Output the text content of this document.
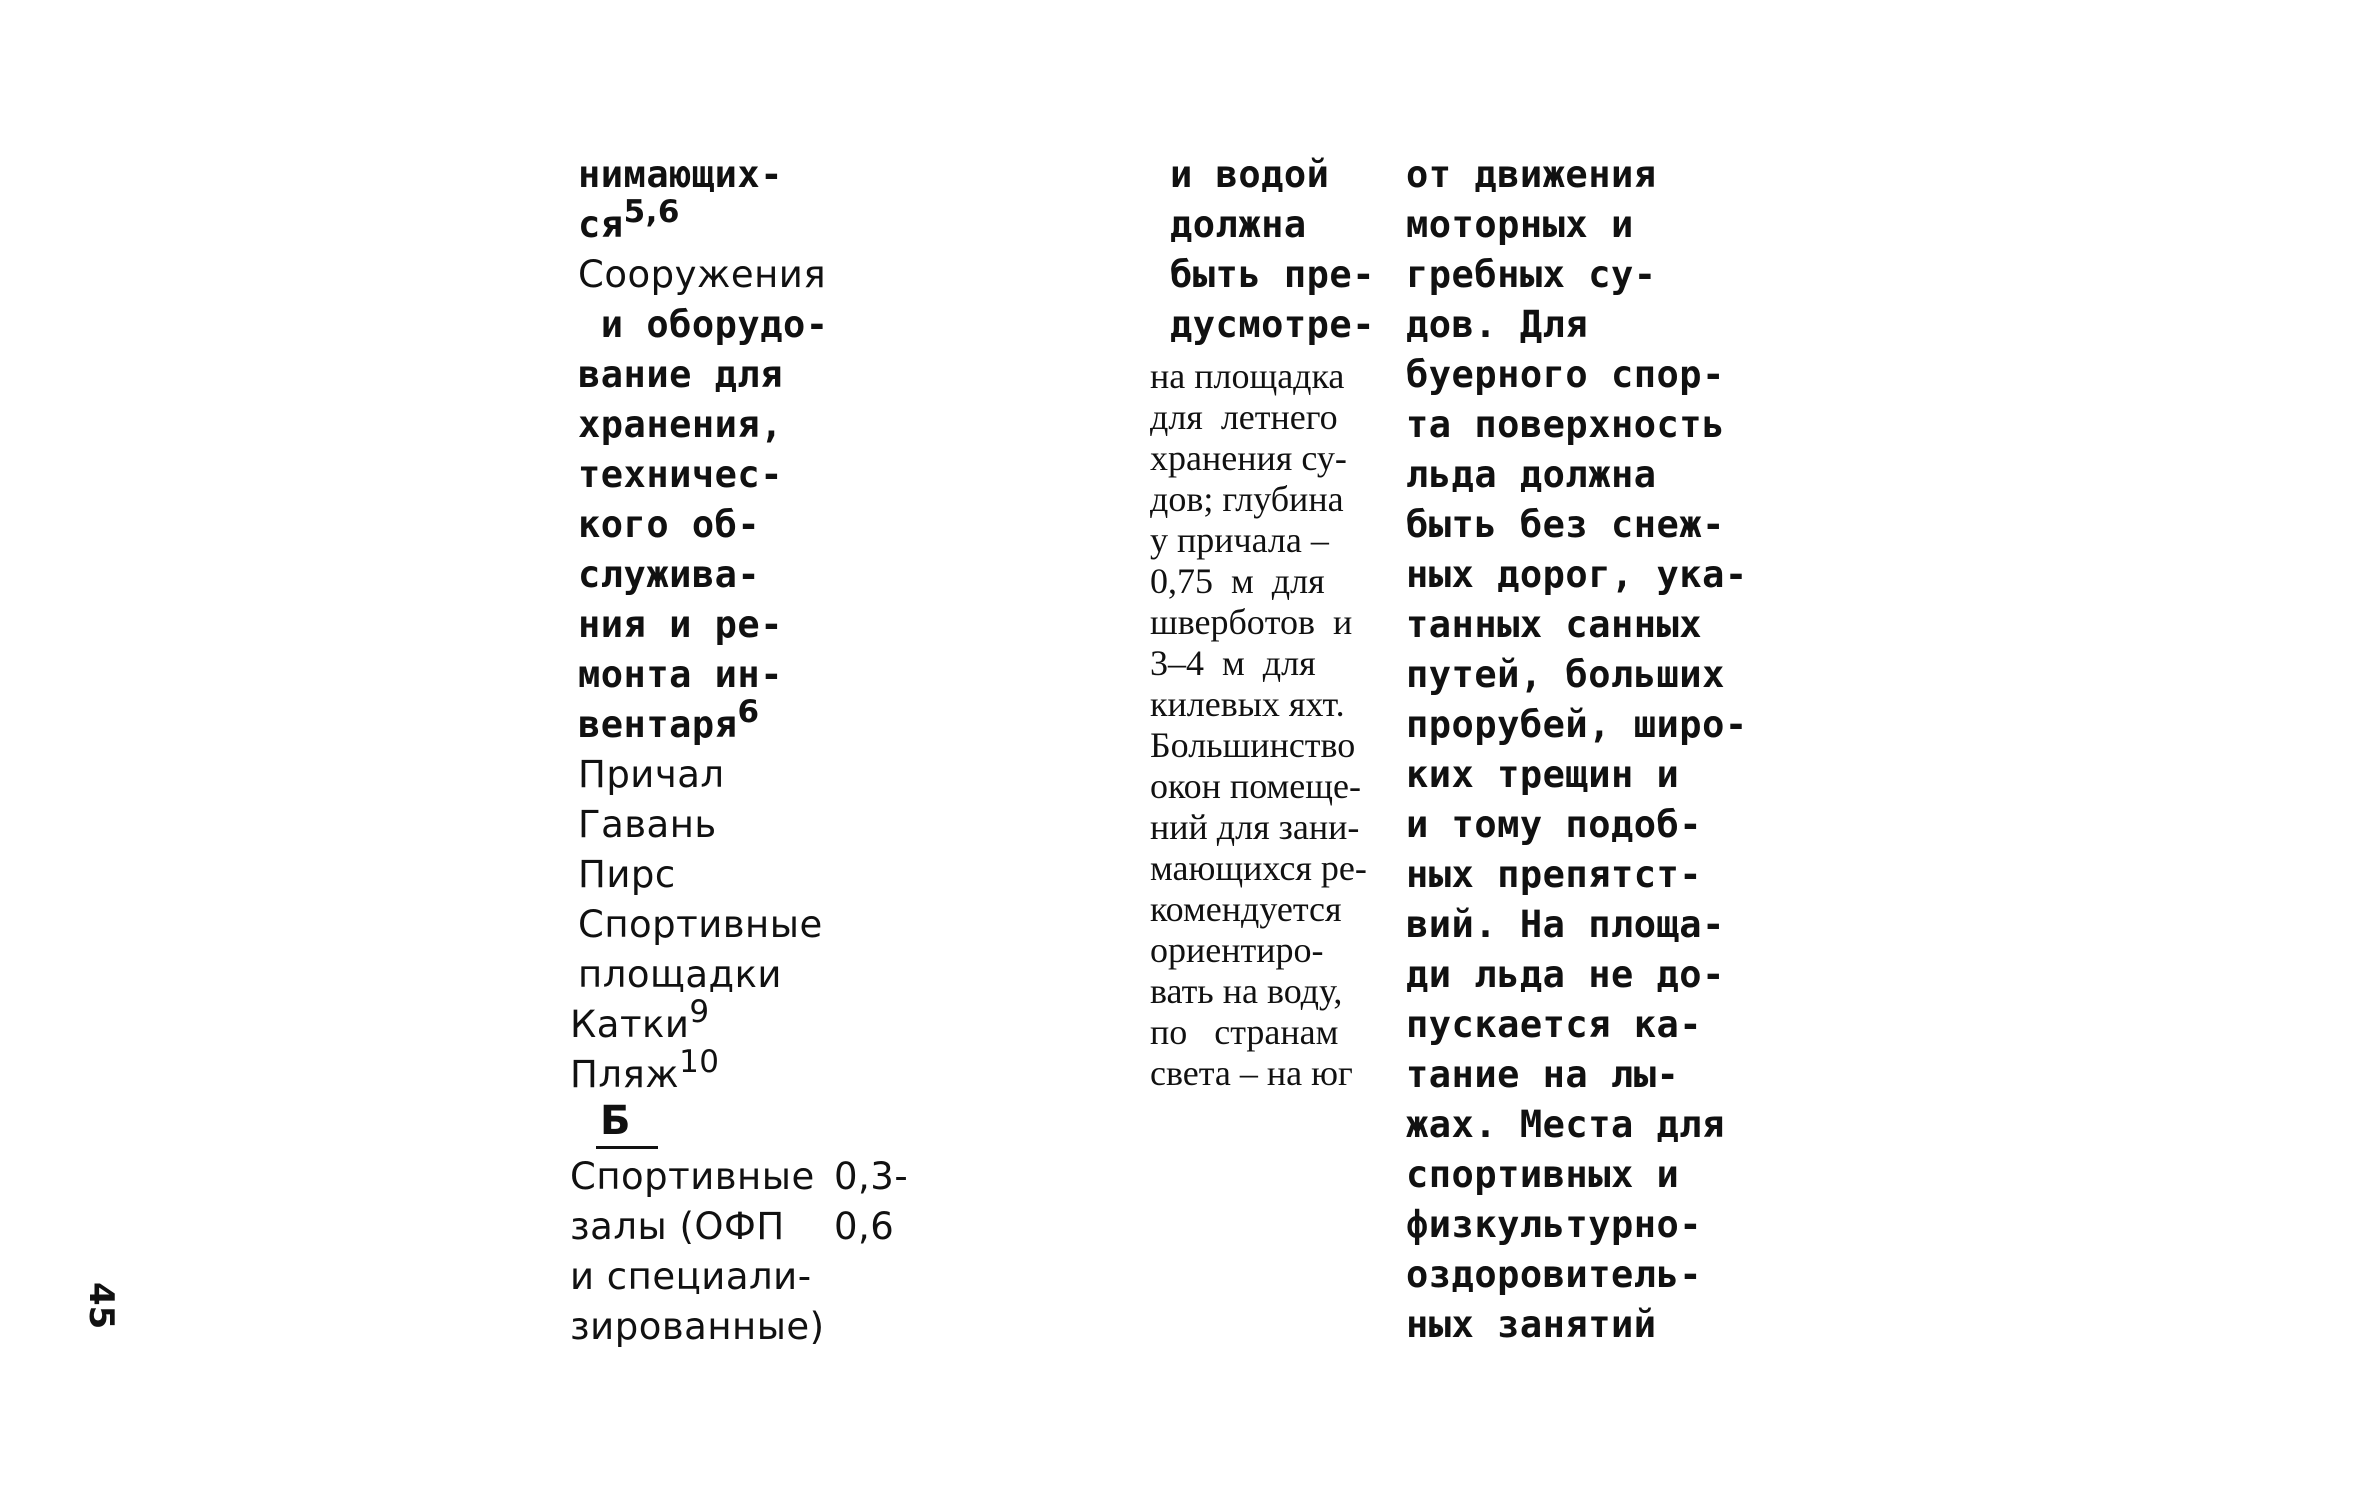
нимающих-
ся$^{5,6}$
Сооружения
и оборудо-
вание для
хранения,
техничес-
кого об-
служива-
ния и ре-
монта ин-
вентаря$^6$
Причал
Гавань
Пирс
Спортивные
площадки
Катки$^9$
Пляж$^{10}$
Б
Спортивные
залы (ОФП
и специали-
зированные)
0,3-
0,6
и водой
должна
быть пре-
дусмотре-
на площадка
для  летнего
хранения су-
дов; глубина
у причала –
0,75  м  для
швербoтов  и
3–4  м  для
килевых яхт.
Большинство
окон помеще-
ний для зани-
мающихся ре-
комендуется
ориентиро-
вать на воду,
по   странам
света – на юг
от движения
моторных и
гребных су-
дов. Для
буерного спор-
та поверхность
льда должна
быть без снеж-
ных дорог, ука-
танных санных
путей, больших
прорубей, широ-
ких трещин и
и тому подоб-
ных препятст-
вий. На площа-
ди льда не до-
пускается ка-
тание на лы-
жах. Места для
спортивных и
физкультурно-
оздоровитель-
ных занятий
45
